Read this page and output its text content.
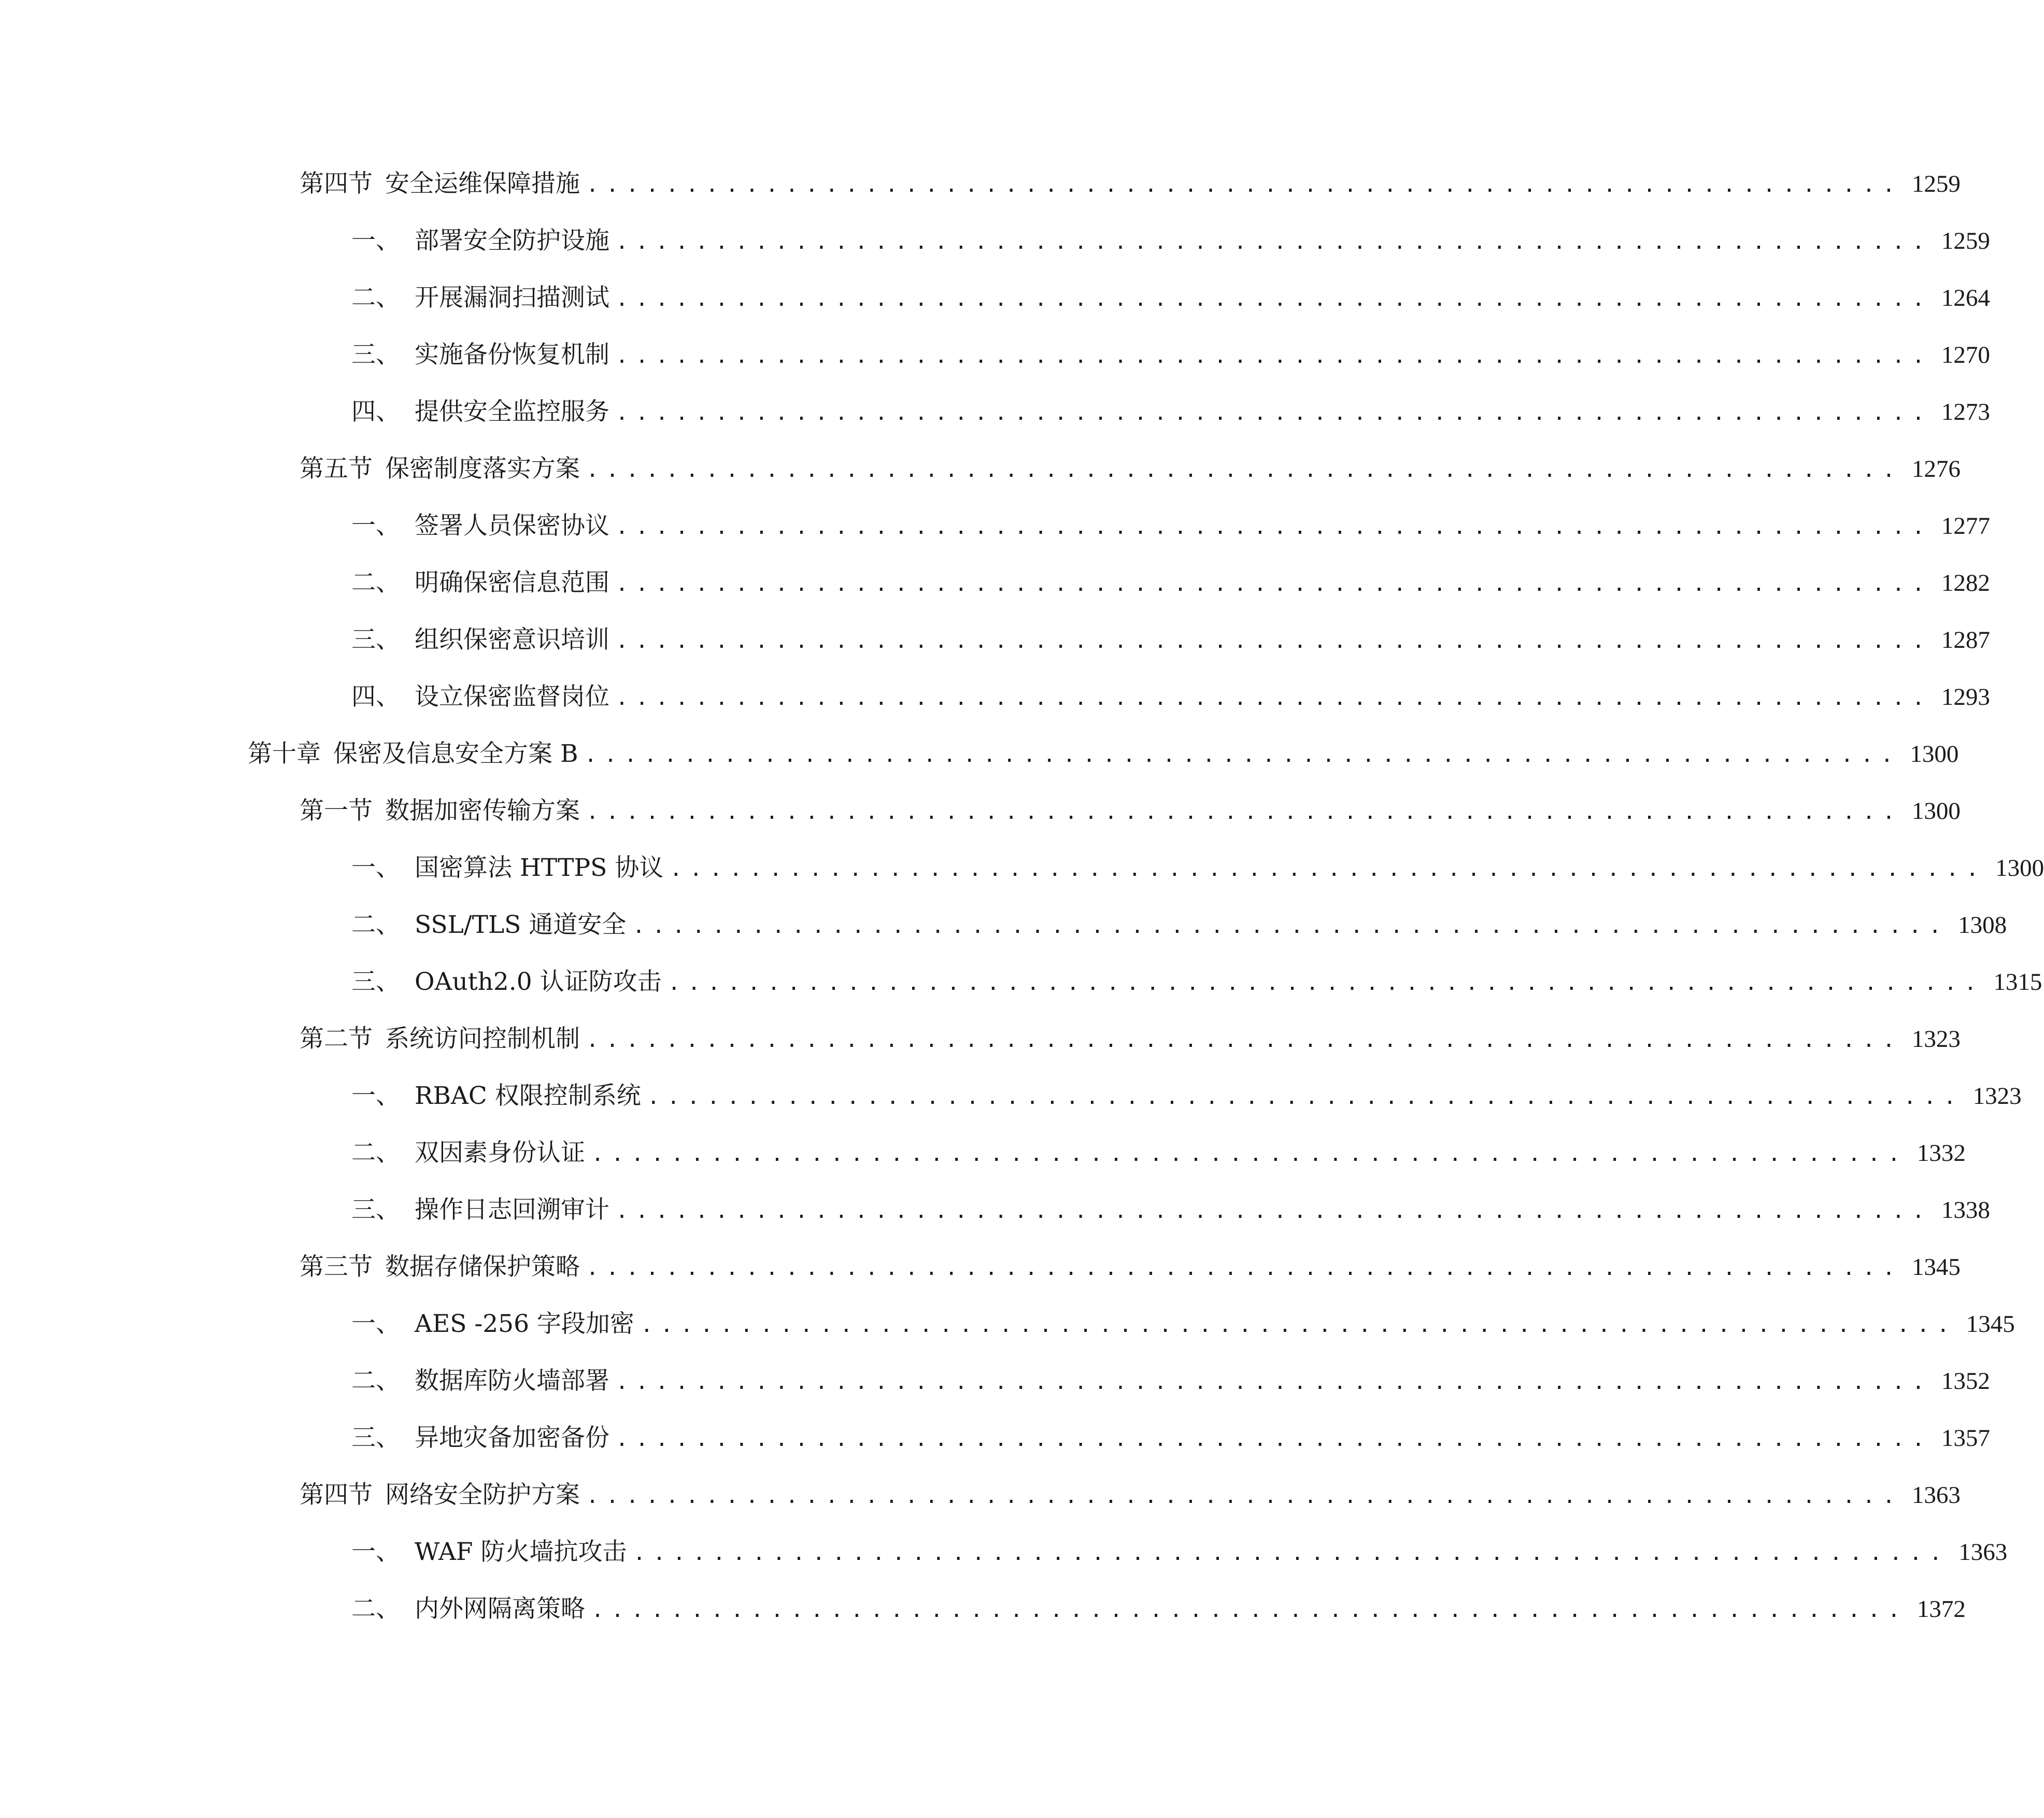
第四节 安全运维保障措施 .................................................................. 1259
一、 部署安全防护设施 .................................................................. 1259
二、 开展漏洞扫描测试 .................................................................. 1264
三、 实施备份恢复机制 .................................................................. 1270
四、 提供安全监控服务 .................................................................. 1273
第五节 保密制度落实方案 .................................................................. 1276
一、 签署人员保密协议 .................................................................. 1277
二、 明确保密信息范围 .................................................................. 1282
三、 组织保密意识培训 .................................................................. 1287
四、 设立保密监督岗位 .................................................................. 1293
第十章 保密及信息安全方案 B .................................................................. 1300
第一节 数据加密传输方案 .................................................................. 1300
一、 国密算法 HTTPS 协议 .................................................................. 1300
二、 SSL/TLS 通道安全 .................................................................. 1308
三、 OAuth2.0 认证防攻击 .................................................................. 1315
第二节 系统访问控制机制 .................................................................. 1323
一、 RBAC 权限控制系统 .................................................................. 1323
二、 双因素身份认证 .................................................................. 1332
三、 操作日志回溯审计 .................................................................. 1338
第三节 数据存储保护策略 .................................................................. 1345
一、 AES -256 字段加密 .................................................................. 1345
二、 数据库防火墙部署 .................................................................. 1352
三、 异地灾备加密备份 .................................................................. 1357
第四节 网络安全防护方案 .................................................................. 1363
一、 WAF 防火墙抗攻击 .................................................................. 1363
二、 内外网隔离策略 .................................................................. 1372
